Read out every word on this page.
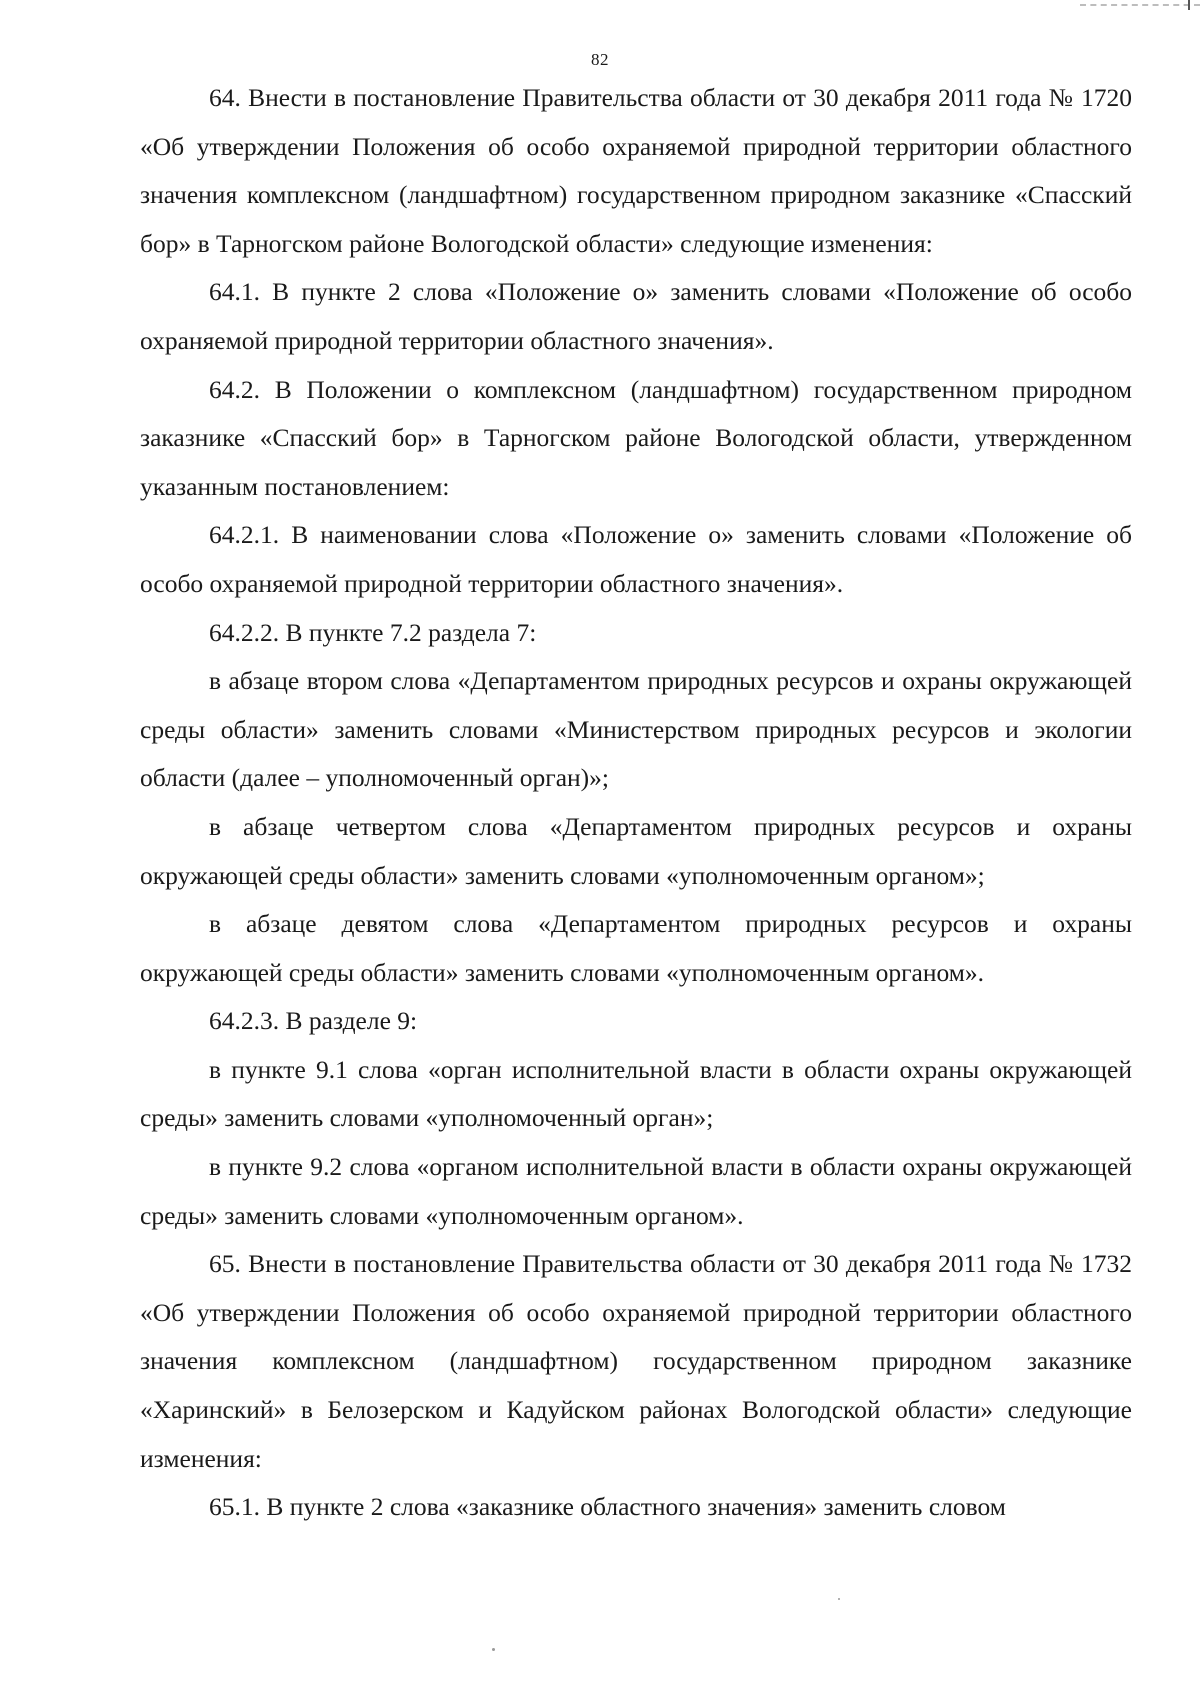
82

64. Внести в постановление Правительства области от 30 декабря 2011 года № 1720 «Об утверждении Положения об особо охраняемой природной территории областного значения комплексном (ландшафтном) государственном природном заказнике «Спасский бор» в Тарногском районе Вологодской области» следующие изменения:

64.1. В пункте 2 слова «Положение о» заменить словами «Положение об особо охраняемой природной территории областного значения».

64.2. В Положении о комплексном (ландшафтном) государственном природном заказнике «Спасский бор» в Тарногском районе Вологодской области, утвержденном указанным постановлением:

64.2.1. В наименовании слова «Положение о» заменить словами «Положение об особо охраняемой природной территории областного значения».

64.2.2. В пункте 7.2 раздела 7:

в абзаце втором слова «Департаментом природных ресурсов и охраны окружающей среды области» заменить словами «Министерством природных ресурсов и экологии области (далее – уполномоченный орган)»;

в абзаце четвертом слова «Департаментом природных ресурсов и охраны окружающей среды области» заменить словами «уполномоченным органом»;

в абзаце девятом слова «Департаментом природных ресурсов и охраны окружающей среды области» заменить словами «уполномоченным органом».

64.2.3. В разделе 9:

в пункте 9.1 слова «орган исполнительной власти в области охраны окружающей среды» заменить словами «уполномоченный орган»;

в пункте 9.2 слова «органом исполнительной власти в области охраны окружающей среды» заменить словами «уполномоченным органом».

65. Внести в постановление Правительства области от 30 декабря 2011 года № 1732 «Об утверждении Положения об особо охраняемой природной территории областного значения комплексном (ландшафтном) государственном природном заказнике «Харинский» в Белозерском и Кадуйском районах Вологодской области» следующие изменения:

65.1. В пункте 2 слова «заказнике областного значения» заменить словом
